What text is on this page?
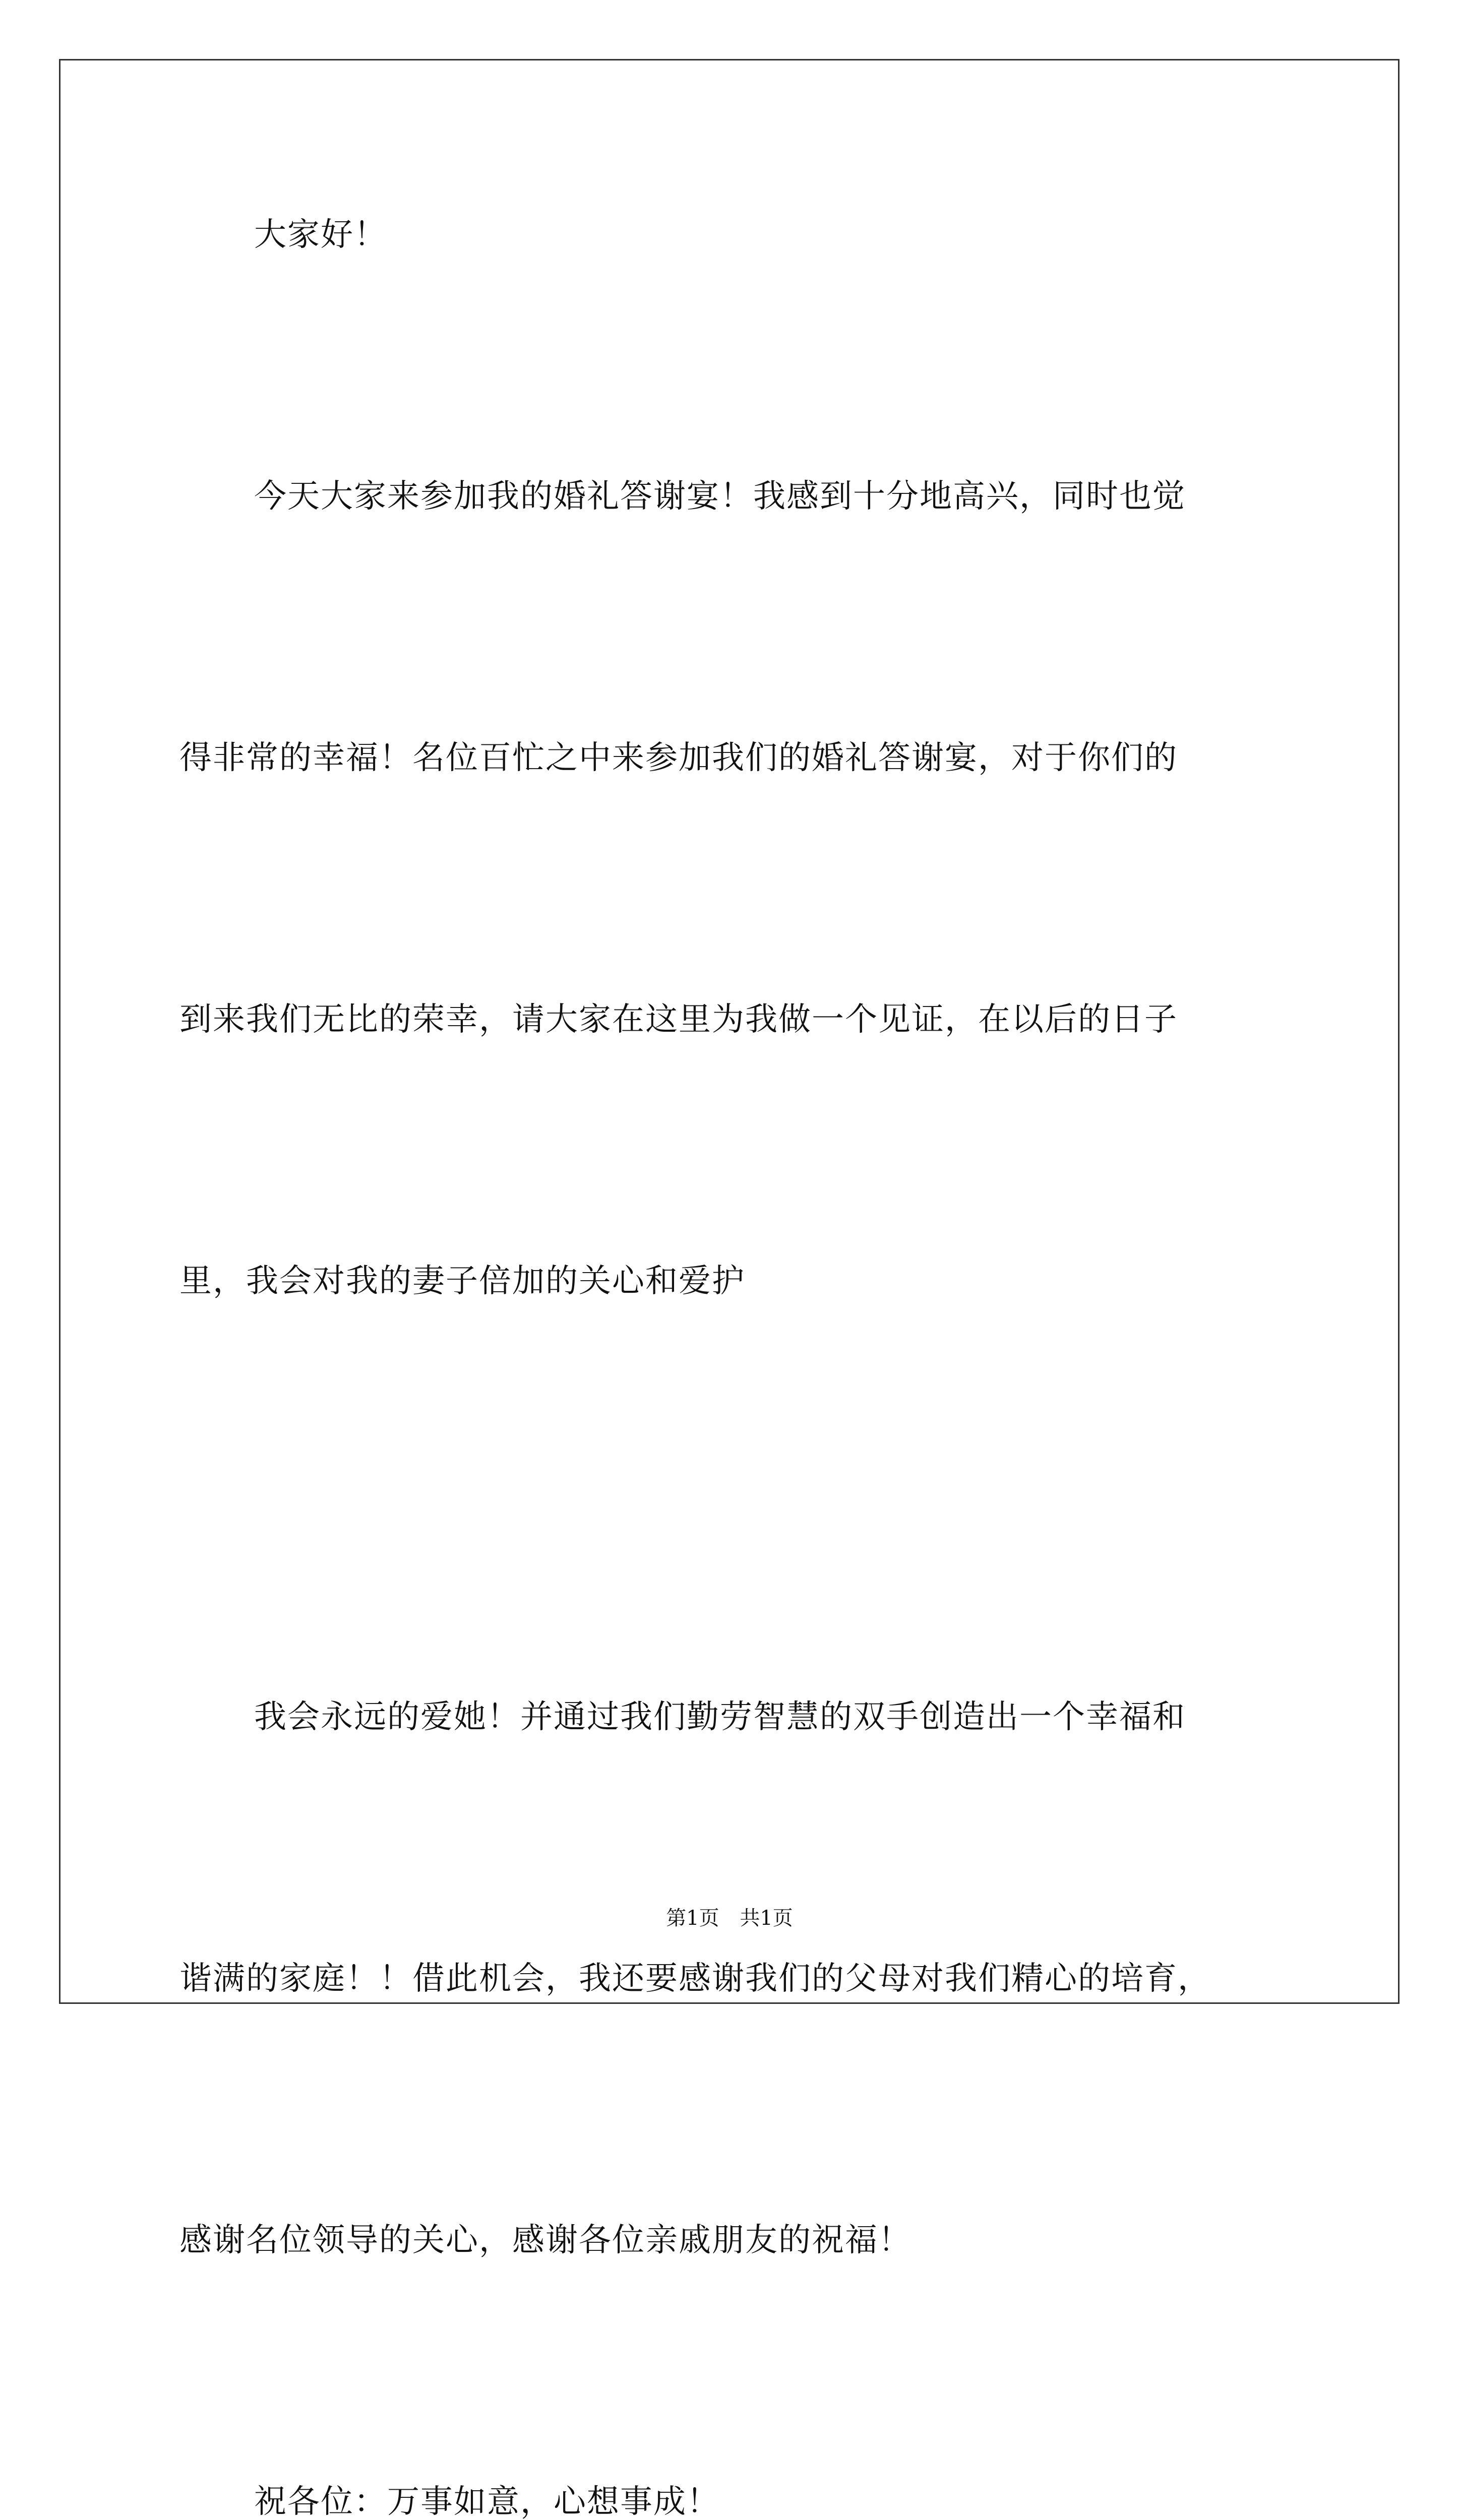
大家好！

今天大家来参加我的婚礼答谢宴！我感到十分地高兴，同时也觉

得非常的幸福！名位百忙之中来参加我们的婚礼答谢宴，对于你们的

到来我们无比的荣幸，请大家在这里为我做一个见证，在以后的日子

里，我会对我的妻子倍加的关心和爱护

我会永远的爱她！并通过我们勤劳智慧的双手创造出一个幸福和

谐满的家庭！！借此机会，我还要感谢我们的父母对我们精心的培育，

感谢名位领导的关心，感谢各位亲戚朋友的祝福！

祝各位：万事如意，心想事成！

第1页 共1页
